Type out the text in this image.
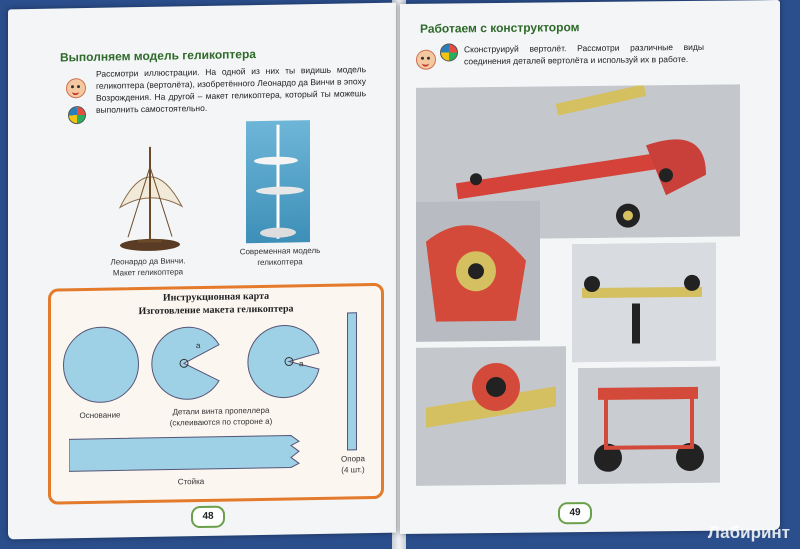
Выполняем модель геликоптера
Рассмотри иллюстрации. На одной из них ты видишь модель геликоптера (вертолёта), изобретённого Леонардо да Винчи в эпоху Возрождения. На другой – макет геликоптера, который ты можешь выполнить самостоятельно.
Леонардо да Винчи.
Макет геликоптера
Современная модель
геликоптера
Инструкционная карта
Изготовление макета геликоптера
Основание
а
а
Детали винта пропеллера
(склеиваются по стороне а)
Опора
(4 шт.)
Стойка
48
Работаем с конструктором
Сконструируй вертолёт. Рассмотри различные виды соединения деталей вертолёта и используй их в работе.
49
Лабиринт
